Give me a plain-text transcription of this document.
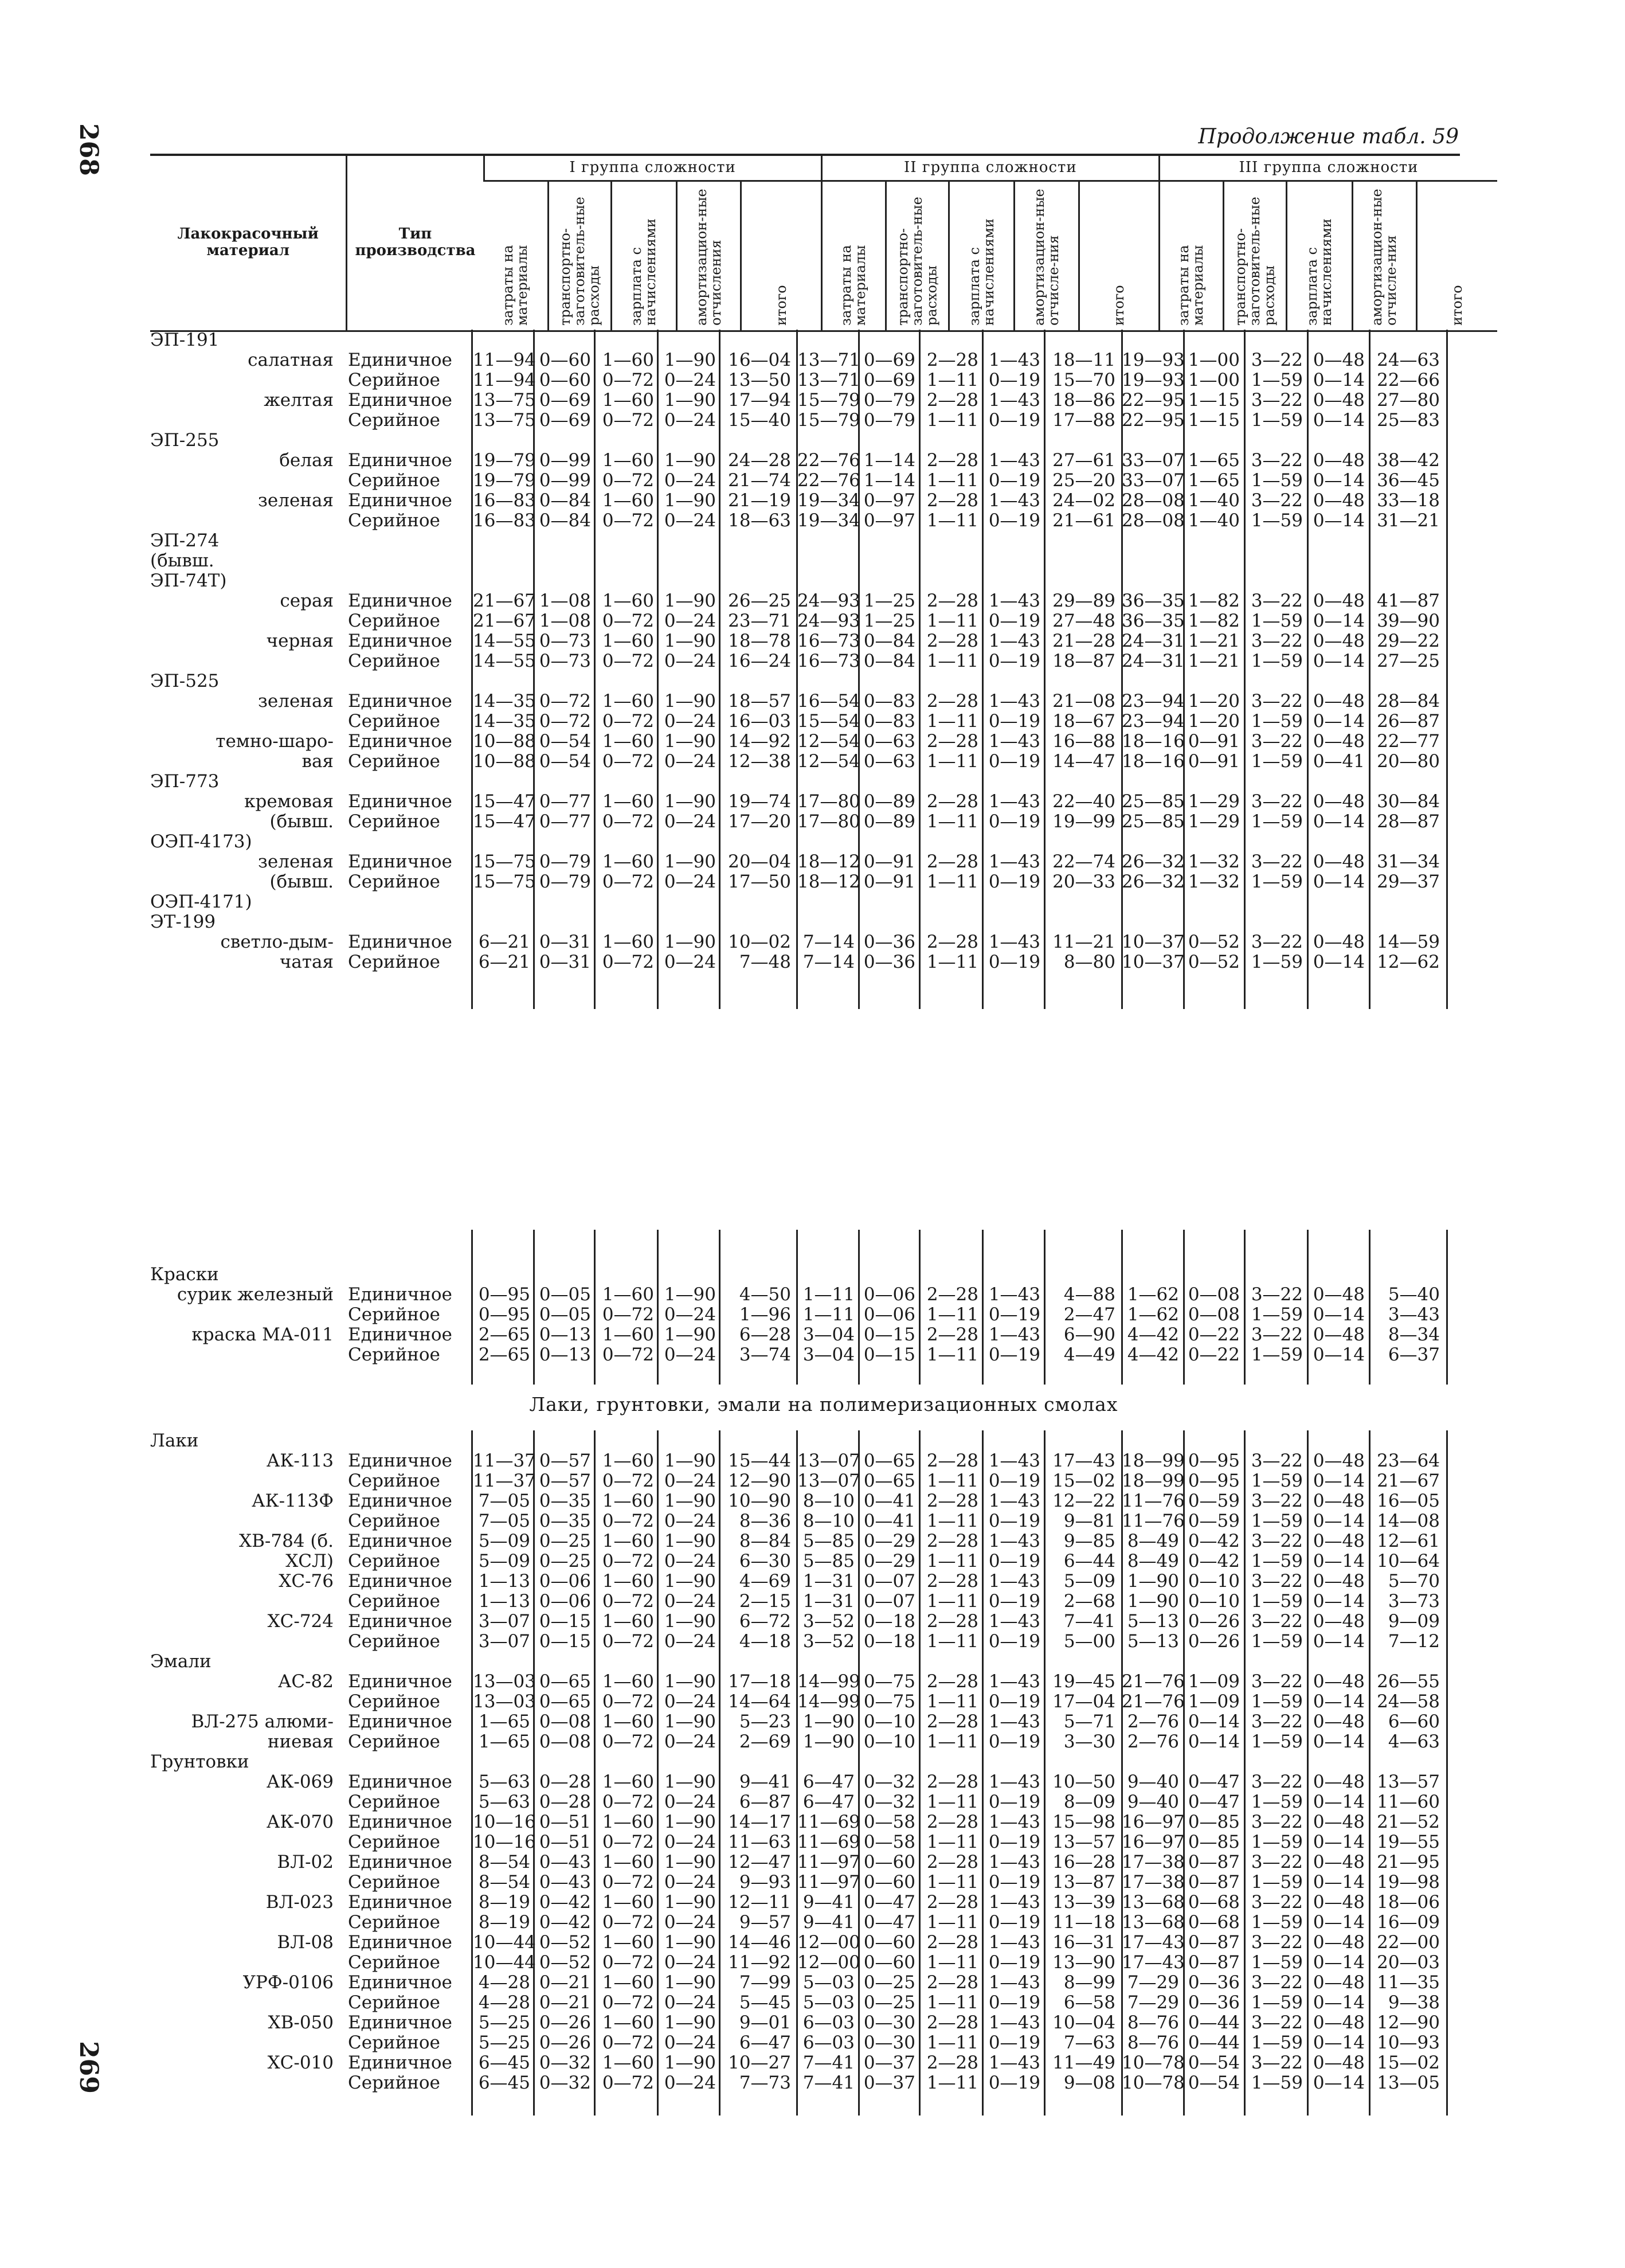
268
269
Продолжение табл. 59
Лакокрасочный материал	Тип производства	I группа сложности					II группа сложности					III группа сложности				
		затраты на материалы	транспортно-заготовитель-ные расходы	зарплата с начислениями	амортизацион-ные отчисления	итого	затраты на материалы	транспортно-заготовитель-ные расходы	зарплата с начислениями	амортизацион-ные отчисле-ния	итого	затраты на материалы	транспортно-заготовитель-ные расходы	зарплата с начислениями	амортизацион-ные отчисле-ния	итого
ЭП-191
салатная Единичное	11—94 0—60 1—60 1—90 16—04 13—71 0—69 2—28 1—43 18—11 19—93 1—00 3—22 0—48 24—63
Серийное	11—94 0—60 0—72 0—24 13—50 13—71 0—69 1—11 0—19 15—70 19—93 1—00 1—59 0—14 22—66
желтая Единичное	13—75 0—69 1—60 1—90 17—94 15—79 0—79 2—28 1—43 18—86 22—95 1—15 3—22 0—48 27—80
Серийное	13—75 0—69 0—72 0—24 15—40 15—79 0—79 1—11 0—19 17—88 22—95 1—15 1—59 0—14 25—83
ЭП-255
белая Единичное	19—79 0—99 1—60 1—90 24—28 22—76 1—14 2—28 1—43 27—61 33—07 1—65 3—22 0—48 38—42
Серийное	19—79 0—99 0—72 0—24 21—74 22—76 1—14 1—11 0—19 25—20 33—07 1—65 1—59 0—14 36—45
зеленая Единичное	16—83 0—84 1—60 1—90 21—19 19—34 0—97 2—28 1—43 24—02 28—08 1—40 3—22 0—48 33—18
Серийное	16—83 0—84 0—72 0—24 18—63 19—34 0—97 1—11 0—19 21—61 28—08 1—40 1—59 0—14 31—21
ЭП-274
(бывш.
ЭП-74Т)
серая Единичное	21—67 1—08 1—60 1—90 26—25 24—93 1—25 2—28 1—43 29—89 36—35 1—82 3—22 0—48 41—87
Серийное	21—67 1—08 0—72 0—24 23—71 24—93 1—25 1—11 0—19 27—48 36—35 1—82 1—59 0—14 39—90
черная Единичное	14—55 0—73 1—60 1—90 18—78 16—73 0—84 2—28 1—43 21—28 24—31 1—21 3—22 0—48 29—22
Серийное	14—55 0—73 0—72 0—24 16—24 16—73 0—84 1—11 0—19 18—87 24—31 1—21 1—59 0—14 27—25
ЭП-525
зеленая Единичное	14—35 0—72 1—60 1—90 18—57 16—54 0—83 2—28 1—43 21—08 23—94 1—20 3—22 0—48 28—84
Серийное	14—35 0—72 0—72 0—24 16—03 15—54 0—83 1—11 0—19 18—67 23—94 1—20 1—59 0—14 26—87
темно-шаро- Единичное	10—88 0—54 1—60 1—90 14—92 12—54 0—63 2—28 1—43 16—88 18—16 0—91 3—22 0—48 22—77
вая Серийное	10—88 0—54 0—72 0—24 12—38 12—54 0—63 1—11 0—19 14—47 18—16 0—91 1—59 0—41 20—80
ЭП-773
кремовая Единичное	15—47 0—77 1—60 1—90 19—74 17—80 0—89 2—28 1—43 22—40 25—85 1—29 3—22 0—48 30—84
(бывш. Серийное	15—47 0—77 0—72 0—24 17—20 17—80 0—89 1—11 0—19 19—99 25—85 1—29 1—59 0—14 28—87
ОЭП-4173)
зеленая Единичное	15—75 0—79 1—60 1—90 20—04 18—12 0—91 2—28 1—43 22—74 26—32 1—32 3—22 0—48 31—34
(бывш. Серийное	15—75 0—79 0—72 0—24 17—50 18—12 0—91 1—11 0—19 20—33 26—32 1—32 1—59 0—14 29—37
ОЭП-4171)
ЭТ-199
светло-дым- Единичное	6—21 0—31 1—60 1—90 10—02 7—14 0—36 2—28 1—43 11—21 10—37 0—52 3—22 0—48 14—59
чатая Серийное	6—21 0—31 0—72 0—24	7—48 7—14 0—36 1—11 0—19	8—80 10—37 0—52 1—59 0—14 12—62
Краски
сурик железный Единичное	0—95 0—05 1—60 1—90	4—50 1—11 0—06 2—28 1—43	4—88 1—62 0—08 3—22 0—48	5—40
Серийное	0—95 0—05 0—72 0—24	1—96 1—11 0—06 1—11 0—19	2—47 1—62 0—08 1—59 0—14	3—43
краска МА-011 Единичное	2—65 0—13 1—60 1—90	6—28 3—04 0—15 2—28 1—43	6—90 4—42 0—22 3—22 0—48	8—34
Серийное	2—65 0—13 0—72 0—24	3—74 3—04 0—15 1—11 0—19	4—49 4—42 0—22 1—59 0—14	6—37
Лаки, грунтовки, эмали на полимеризационных смолах
Лаки
АК-113 Единичное	11—37 0—57 1—60 1—90 15—44 13—07 0—65 2—28 1—43 17—43 18—99 0—95 3—22 0—48 23—64
Серийное	11—37 0—57 0—72 0—24 12—90 13—07 0—65 1—11 0—19 15—02 18—99 0—95 1—59 0—14 21—67
АК-113Ф Единичное	7—05 0—35 1—60 1—90 10—90 8—10 0—41 2—28 1—43 12—22 11—76 0—59 3—22 0—48 16—05
Серийное	7—05 0—35 0—72 0—24	8—36 8—10 0—41 1—11 0—19	9—81 11—76 0—59 1—59 0—14 14—08
ХВ-784 (б. Единичное	5—09 0—25 1—60 1—90	8—84 5—85 0—29 2—28 1—43	9—85 8—49 0—42 3—22 0—48 12—61
ХСЛ) Серийное	5—09 0—25 0—72 0—24	6—30 5—85 0—29 1—11 0—19	6—44 8—49 0—42 1—59 0—14 10—64
ХС-76 Единичное	1—13 0—06 1—60 1—90	4—69 1—31 0—07 2—28 1—43	5—09 1—90 0—10 3—22 0—48	5—70
Серийное	1—13 0—06 0—72 0—24	2—15 1—31 0—07 1—11 0—19	2—68 1—90 0—10 1—59 0—14	3—73
ХС-724 Единичное	3—07 0—15 1—60 1—90	6—72 3—52 0—18 2—28 1—43	7—41 5—13 0—26 3—22 0—48	9—09
Серийное	3—07 0—15 0—72 0—24	4—18 3—52 0—18 1—11 0—19	5—00 5—13 0—26 1—59 0—14	7—12
Эмали
АС-82 Единичное	13—03 0—65 1—60 1—90 17—18 14—99 0—75 2—28 1—43 19—45 21—76 1—09 3—22 0—48 26—55
Серийное	13—03 0—65 0—72 0—24 14—64 14—99 0—75 1—11 0—19 17—04 21—76 1—09 1—59 0—14 24—58
ВЛ-275 алюми- Единичное	1—65 0—08 1—60 1—90	5—23 1—90 0—10 2—28 1—43	5—71 2—76 0—14 3—22 0—48	6—60
ниевая Серийное	1—65 0—08 0—72 0—24	2—69 1—90 0—10 1—11 0—19	3—30 2—76 0—14 1—59 0—14	4—63
Грунтовки
АК-069 Единичное	5—63 0—28 1—60 1—90	9—41 6—47 0—32 2—28 1—43 10—50 9—40 0—47 3—22 0—48 13—57
Серийное	5—63 0—28 0—72 0—24	6—87 6—47 0—32 1—11 0—19	8—09 9—40 0—47 1—59 0—14 11—60
АК-070 Единичное	10—16 0—51 1—60 1—90 14—17 11—69 0—58 2—28 1—43 15—98 16—97 0—85 3—22 0—48 21—52
Серийное	10—16 0—51 0—72 0—24 11—63 11—69 0—58 1—11 0—19 13—57 16—97 0—85 1—59 0—14 19—55
ВЛ-02 Единичное	8—54 0—43 1—60 1—90 12—47 11—97 0—60 2—28 1—43 16—28 17—38 0—87 3—22 0—48 21—95
Серийное	8—54 0—43 0—72 0—24	9—93 11—97 0—60 1—11 0—19 13—87 17—38 0—87 1—59 0—14 19—98
ВЛ-023 Единичное	8—19 0—42 1—60 1—90 12—11 9—41 0—47 2—28 1—43 13—39 13—68 0—68 3—22 0—48 18—06
Серийное	8—19 0—42 0—72 0—24	9—57 9—41 0—47 1—11 0—19 11—18 13—68 0—68 1—59 0—14 16—09
ВЛ-08 Единичное	10—44 0—52 1—60 1—90 14—46 12—00 0—60 2—28 1—43 16—31 17—43 0—87 3—22 0—48 22—00
Серийное	10—44 0—52 0—72 0—24 11—92 12—00 0—60 1—11 0—19 13—90 17—43 0—87 1—59 0—14 20—03
УРФ-0106 Единичное	4—28 0—21 1—60 1—90	7—99 5—03 0—25 2—28 1—43	8—99 7—29 0—36 3—22 0—48 11—35
Серийное	4—28 0—21 0—72 0—24	5—45 5—03 0—25 1—11 0—19	6—58 7—29 0—36 1—59 0—14	9—38
ХВ-050 Единичное	5—25 0—26 1—60 1—90	9—01 6—03 0—30 2—28 1—43 10—04 8—76 0—44 3—22 0—48 12—90
Серийное	5—25 0—26 0—72 0—24	6—47 6—03 0—30 1—11 0—19	7—63 8—76 0—44 1—59 0—14 10—93
ХС-010 Единичное	6—45 0—32 1—60 1—90 10—27 7—41 0—37 2—28 1—43 11—49 10—78 0—54 3—22 0—48 15—02
Серийное	6—45 0—32 0—72 0—24	7—73 7—41 0—37 1—11 0—19	9—08 10—78 0—54 1—59 0—14 13—05
